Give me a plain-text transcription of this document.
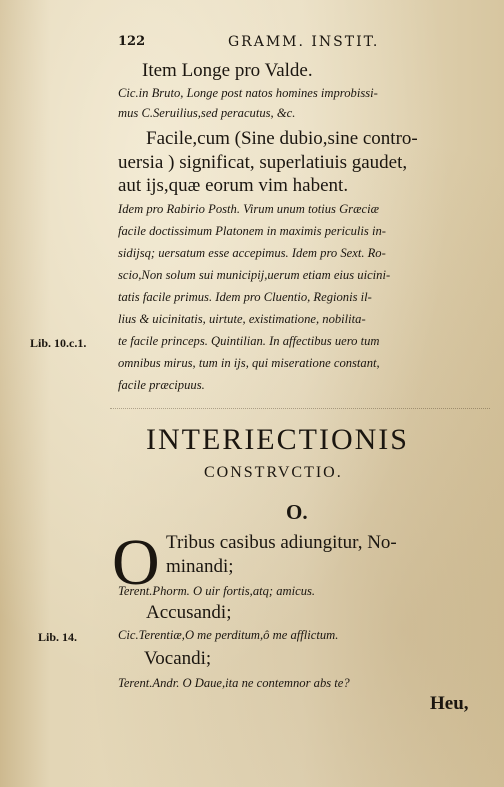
122	GRAMM. INSTIT.
Item Longe pro Valde.
Cic.in Bruto, Longe post natos homines improbissi-
mus C.Seruilius,sed peracutus, &c.
Facile,cum (Sine dubio,sine contro-
uersia ) significat, superlatiuis gaudet,
aut ijs,quæ eorum vim habent.
Idem pro Rabirio Posth. Virum unum totius Græciæ
facile doctissimum Platonem in maximis periculis in-
sidijsq; uersatum esse accepimus. Idem pro Sext. Ro-
scio,Non solum sui municipij,uerum etiam eius uicini-
tatis facile primus. Idem pro Cluentio, Regionis il-
lius & uicinitatis, uirtute, existimatione, nobilita-
Lib. 10.c.1.	te facile princeps. Quintilian. In affectibus uero tum
omnibus mirus, tum in ijs, qui miseratione constant,
facile præcipuus.
INTERIECTIONIS
CONSTRVCTIO.
O.
O Tribus casibus adiungitur, No-
minandi;
Terent.Phorm. O uir fortis,atq; amicus.
Accusandi;
Lib. 14.	Cic.Terentiæ,O me perditum,ô me afflictum.
Vocandi;
Terent.Andr. O Daue,ita ne contemnor abs te?
Heu,
